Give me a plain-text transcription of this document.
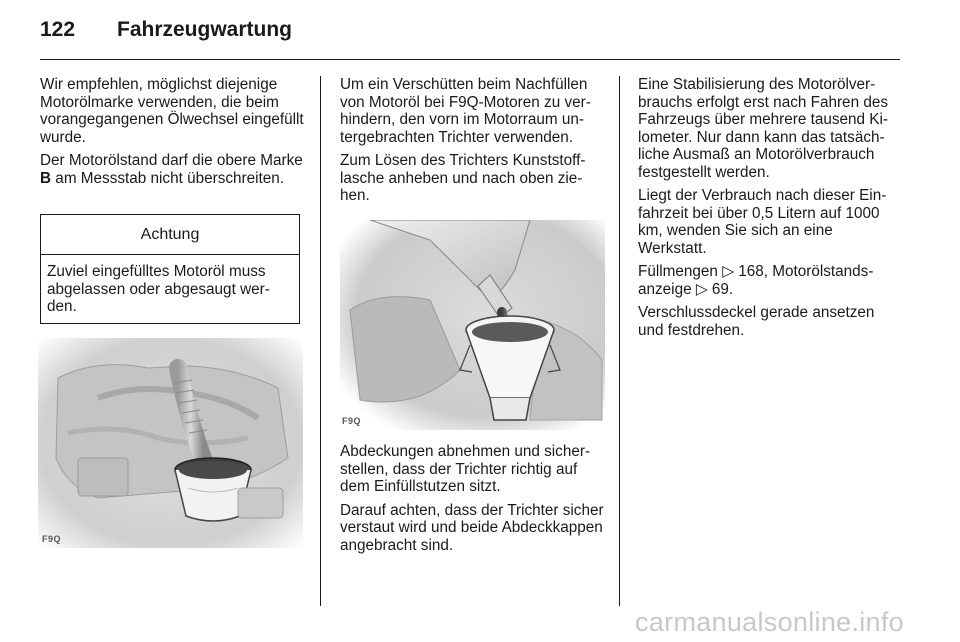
122 Fahrzeugwartung

Wir empfehlen, möglichst diejenige Motorölmarke verwenden, die beim vorangegangenen Ölwechsel eingefüllt wurde.

Der Motorölstand darf die obere Marke B am Messstab nicht überschreiten.

Achtung
Zuviel eingefülltes Motoröl muss abgelassen oder abgesaugt werden.
F9Q

Um ein Verschütten beim Nachfüllen von Motoröl bei F9Q-Motoren zu verhindern, den vorn im Motorraum untergebrachten Trichter verwenden.

Zum Lösen des Trichters Kunststofflasche anheben und nach oben ziehen.

F9Q

Abdeckungen abnehmen und sicherstellen, dass der Trichter richtig auf dem Einfüllstutzen sitzt.

Darauf achten, dass der Trichter sicher verstaut wird und beide Abdeckkappen angebracht sind.

Eine Stabilisierung des Motorölverbrauchs erfolgt erst nach Fahren des Fahrzeugs über mehrere tausend Kilometer. Nur dann kann das tatsächliche Ausmaß an Motorölverbrauch festgestellt werden.

Liegt der Verbrauch nach dieser Einfahrzeit bei über 0,5 Litern auf 1000 km, wenden Sie sich an eine Werkstatt.

Füllmengen ▷ 168, Motorölstandsanzeige ▷ 69.

Verschlussdeckel gerade ansetzen und festdrehen.

carmanualsonline.info
